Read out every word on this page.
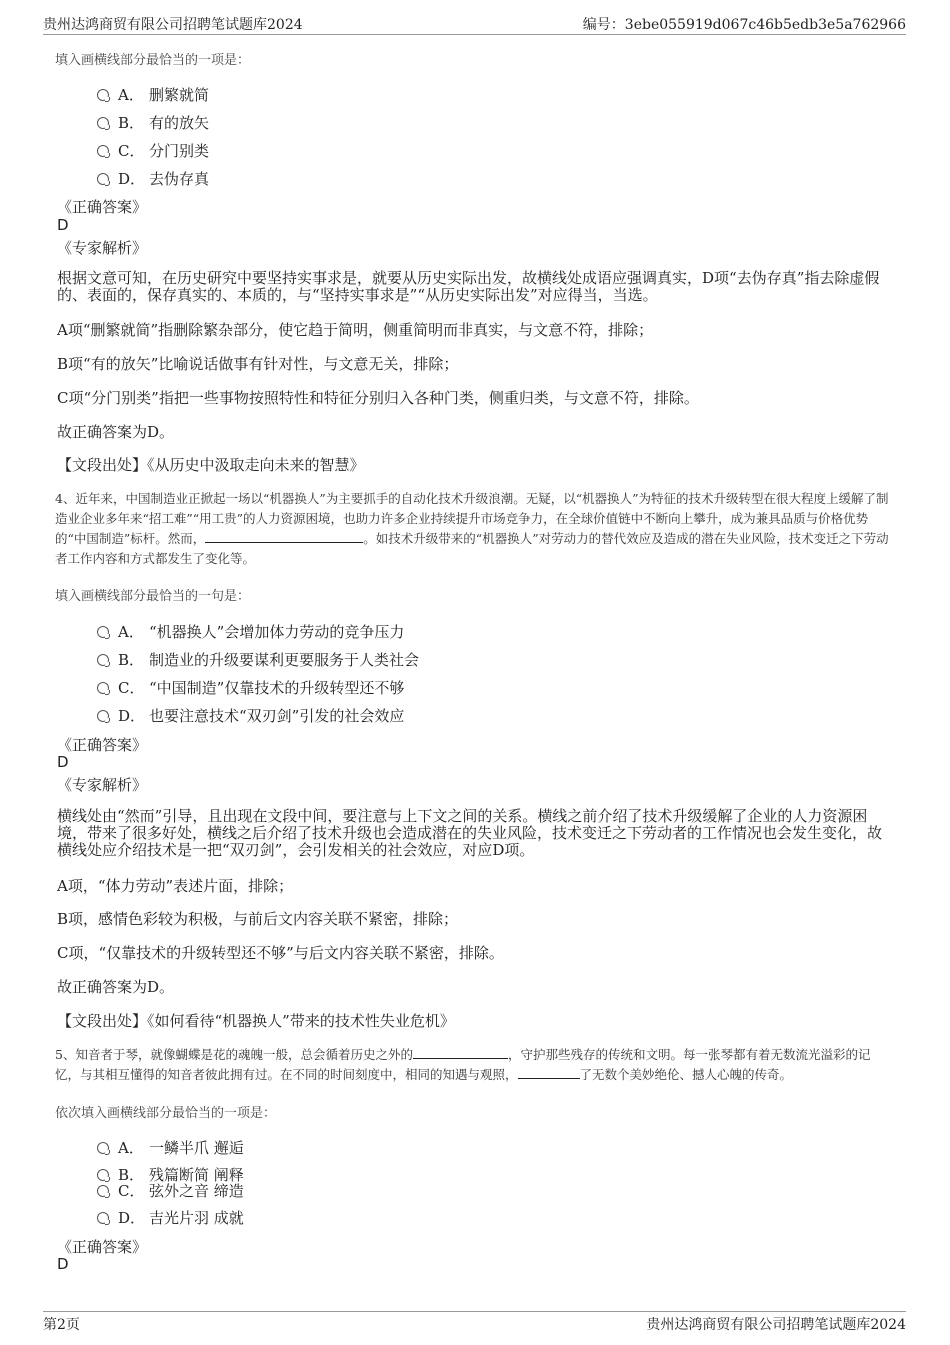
贵州达鸿商贸有限公司招聘笔试题库2024	编号：3ebe055919d067c46b5edb3e5a762966
填入画横线部分最恰当的一项是：
A． 删繁就简
B． 有的放矢
C． 分门别类
D． 去伪存真
《正确答案》
D
《专家解析》
根据文意可知，在历史研究中要坚持实事求是，就要从历史实际出发，故横线处成语应强调真实，D项“去伪存真”指去除虚假的、表面的，保存真实的、本质的，与“坚持实事求是”“从历史实际出发”对应得当，当选。
A项“删繁就简”指删除繁杂部分，使它趋于简明，侧重简明而非真实，与文意不符，排除；
B项“有的放矢”比喻说话做事有针对性，与文意无关，排除；
C项“分门别类”指把一些事物按照特性和特征分别归入各种门类，侧重归类，与文意不符，排除。
故正确答案为D。
【文段出处】《从历史中汲取走向未来的智慧》
4、近年来，中国制造业正掀起一场以“机器换人”为主要抓手的自动化技术升级浪潮。无疑，以“机器换人”为特征的技术升级转型在很大程度上缓解了制造业企业多年来“招工难”“用工贵”的人力资源困境，也助力许多企业持续提升市场竞争力，在全球价值链中不断向上攀升，成为兼具品质与价格优势的“中国制造”标杆。然而，	。如技术升级带来的“机器换人”对劳动力的替代效应及造成的潜在失业风险，技术变迁之下劳动者工作内容和方式都发生了变化等。
填入画横线部分最恰当的一句是：
A． “机器换人”会增加体力劳动的竞争压力
B． 制造业的升级要谋利更要服务于人类社会
C． “中国制造”仅靠技术的升级转型还不够
D． 也要注意技术“双刃剑”引发的社会效应
《正确答案》
D
《专家解析》
横线处由“然而”引导，且出现在文段中间，要注意与上下文之间的关系。横线之前介绍了技术升级缓解了企业的人力资源困境，带来了很多好处，横线之后介绍了技术升级也会造成潜在的失业风险，技术变迁之下劳动者的工作情况也会发生变化，故横线处应介绍技术是一把“双刃剑”，会引发相关的社会效应，对应D项。
A项，“体力劳动”表述片面，排除；
B项，感情色彩较为积极，与前后文内容关联不紧密，排除；
C项，“仅靠技术的升级转型还不够”与后文内容关联不紧密，排除。
故正确答案为D。
【文段出处】《如何看待“机器换人”带来的技术性失业危机》
5、知音者于琴，就像蝴蝶是花的魂魄一般，总会循着历史之外的	，守护那些残存的传统和文明。每一张琴都有着无数流光溢彩的记忆，与其相互懂得的知音者彼此拥有过。在不同的时间刻度中，相同的知遇与观照，	了无数个美妙绝伦、撼人心魄的传奇。
依次填入画横线部分最恰当的一项是：
A． 一鳞半爪 邂逅
B． 残篇断简 阐释
C． 弦外之音 缔造
D． 吉光片羽 成就
《正确答案》
D
第2页	贵州达鸿商贸有限公司招聘笔试题库2024
